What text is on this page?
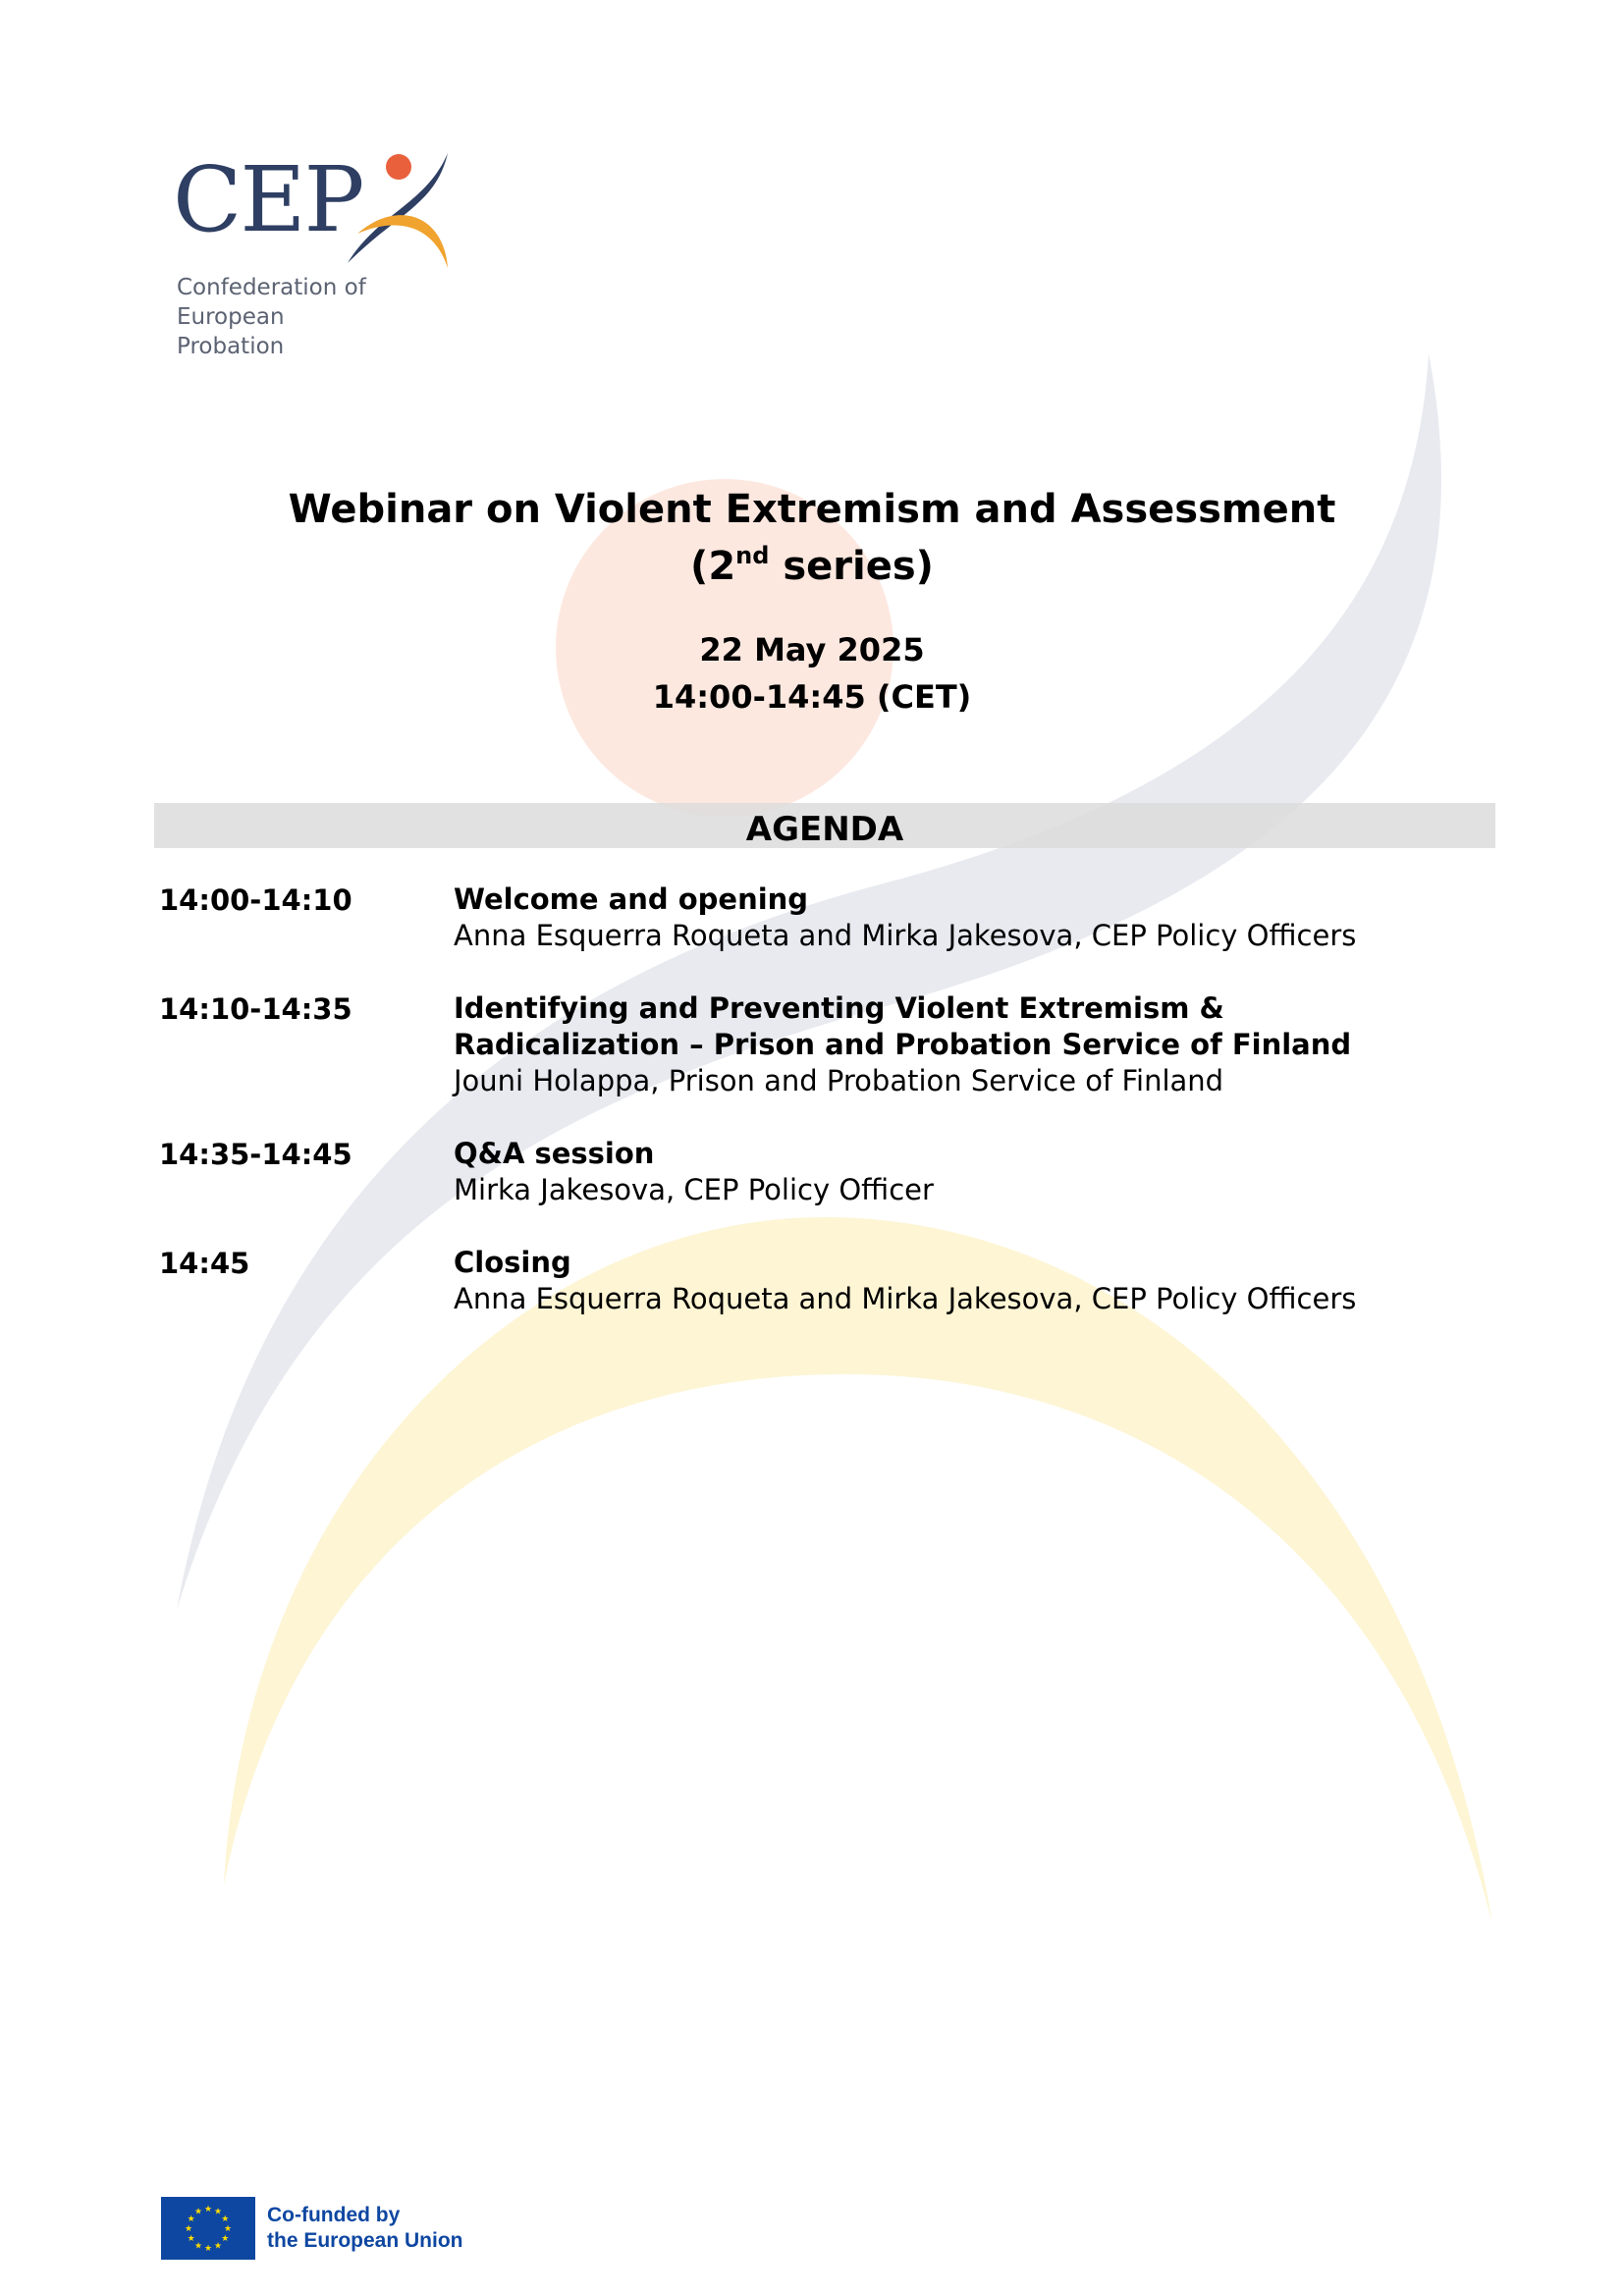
CEP
Confederation of European
Probation
Webinar on Violent Extremism and Assessment
(2nd series)
22 May 2025
14:00-14:45 (CET)
AGENDA
14:00-14:10	Welcome and opening
Anna Esquerra Roqueta and Mirka Jakesova, CEP Policy Officers
14:10-14:35	Identifying and Preventing Violent Extremism &
Radicalization – Prison and Probation Service of Finland
Jouni Holappa, Prison and Probation Service of Finland
14:35-14:45	Q&A session
Mirka Jakesova, CEP Policy Officer
14:45	Closing
Anna Esquerra Roqueta and Mirka Jakesova, CEP Policy Officers
★ ★
★
★
★
★
★
★
★
★
★
★	Co-funded by
the European Union
